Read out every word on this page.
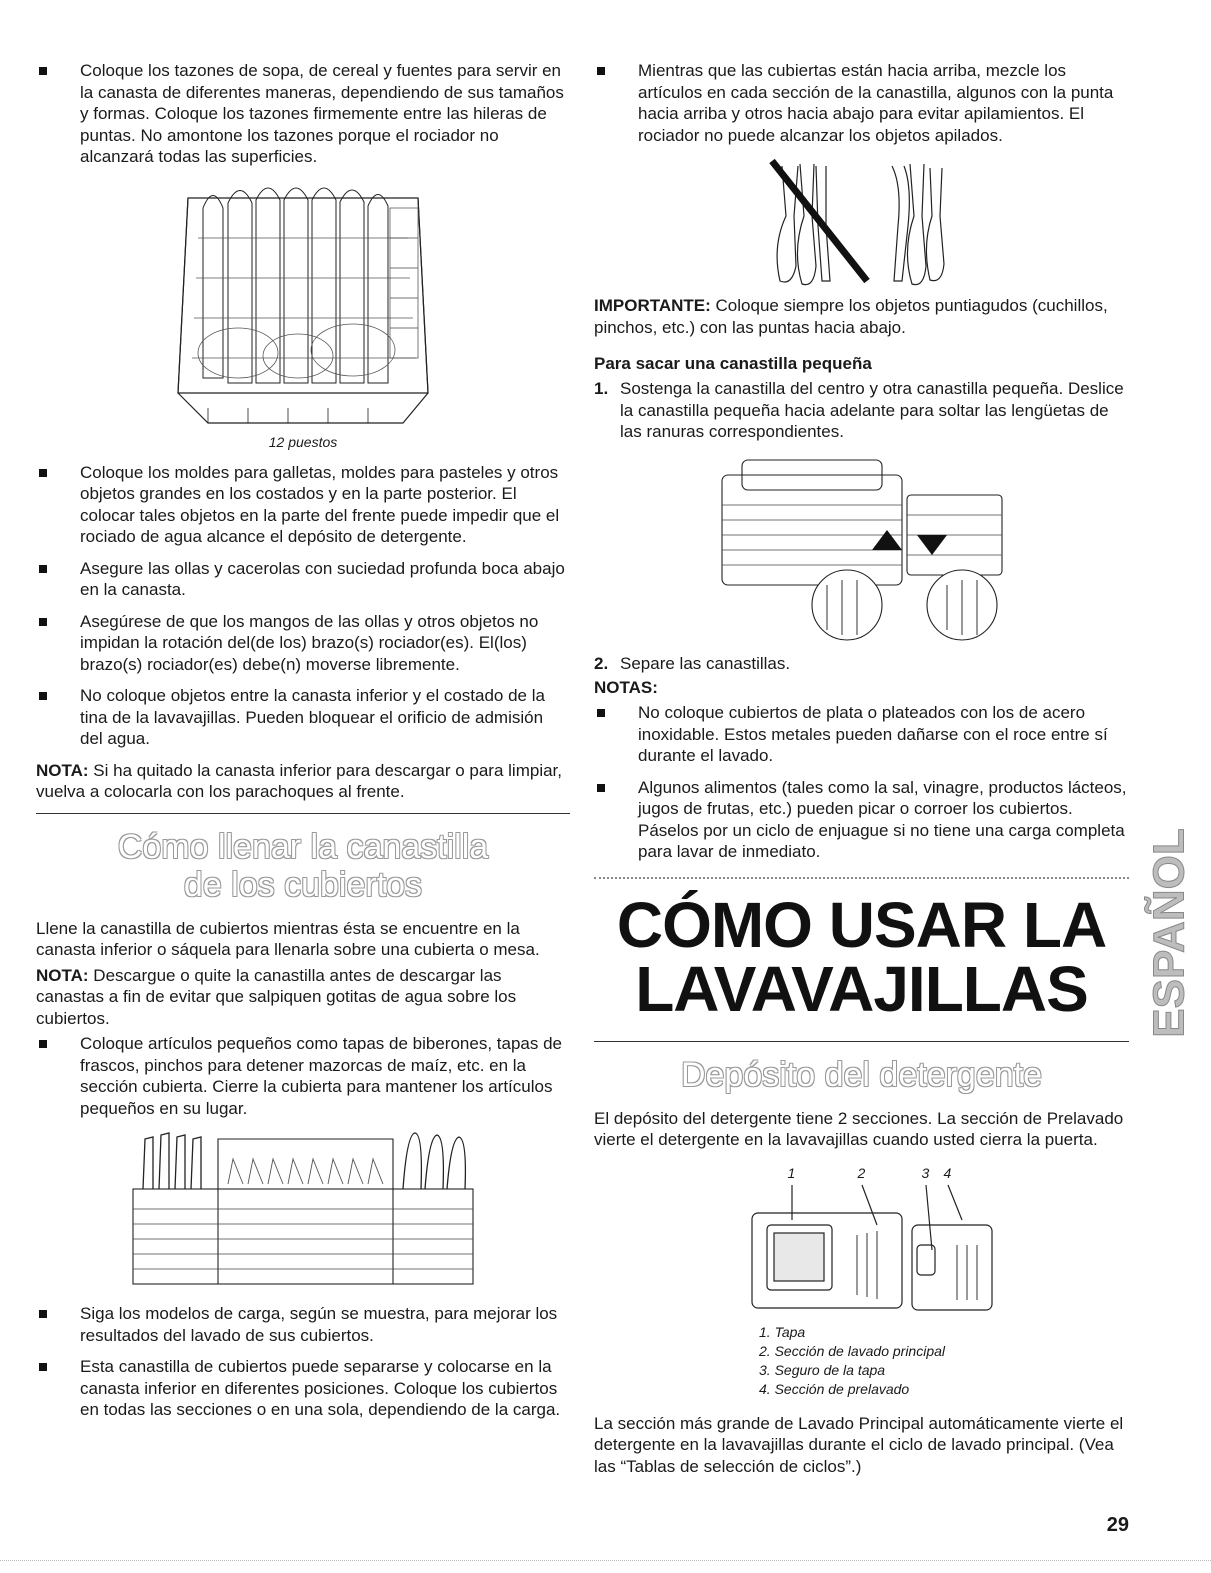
Coloque los tazones de sopa, de cereal y fuentes para servir en la canasta de diferentes maneras, dependiendo de sus tamaños y formas. Coloque los tazones firmemente entre las hileras de puntas. No amontone los tazones porque el rociador no alcanzará todas las superficies.
12 puestos
Coloque los moldes para galletas, moldes para pasteles y otros objetos grandes en los costados y en la parte posterior. El colocar tales objetos en la parte del frente puede impedir que el rociado de agua alcance el depósito de detergente.
Asegure las ollas y cacerolas con suciedad profunda boca abajo en la canasta.
Asegúrese de que los mangos de las ollas y otros objetos no impidan la rotación del(de los) brazo(s) rociador(es). El(los) brazo(s) rociador(es) debe(n) moverse libremente.
No coloque objetos entre la canasta inferior y el costado de la tina de la lavavajillas. Pueden bloquear el orificio de admisión del agua.

NOTA: Si ha quitado la canasta inferior para descargar o para limpiar, vuelva a colocarla con los parachoques al frente.

Cómo llenar la canastilla
de los cubiertos

Llene la canastilla de cubiertos mientras ésta se encuentre en la canasta inferior o sáquela para llenarla sobre una cubierta o mesa.

NOTA: Descargue o quite la canastilla antes de descargar las canastas a fin de evitar que salpiquen gotitas de agua sobre los cubiertos.

Coloque artículos pequeños como tapas de biberones, tapas de frascos, pinchos para detener mazorcas de maíz, etc. en la sección cubierta. Cierre la cubierta para mantener los artículos pequeños en su lugar.
Siga los modelos de carga, según se muestra, para mejorar los resultados del lavado de sus cubiertos.
Esta canastilla de cubiertos puede separarse y colocarse en la canasta inferior en diferentes posiciones. Coloque los cubiertos en todas las secciones o en una sola, dependiendo de la carga.
Mientras que las cubiertas están hacia arriba, mezcle los artículos en cada sección de la canastilla, algunos con la punta hacia arriba y otros hacia abajo para evitar apilamientos. El rociador no puede alcanzar los objetos apilados.

IMPORTANTE: Coloque siempre los objetos puntiagudos (cuchillos, pinchos, etc.) con las puntas hacia abajo.

Para sacar una canastilla pequeña
1. Sostenga la canastilla del centro y otra canastilla pequeña. Deslice la canastilla pequeña hacia adelante para soltar las lengüetas de las ranuras correspondientes.
2. Separe las canastillas.
NOTAS:
No coloque cubiertos de plata o plateados con los de acero inoxidable. Estos metales pueden dañarse con el roce entre sí durante el lavado.
Algunos alimentos (tales como la sal, vinagre, productos lácteos, jugos de frutas, etc.) pueden picar o corroer los cubiertos. Páselos por un ciclo de enjuague si no tiene una carga completa para lavar de inmediato.
CÓMO USAR LA
LAVAVAJILLAS
Depósito del detergente

El depósito del detergente tiene 2 secciones. La sección de Prelavado vierte el detergente en la lavavajillas cuando usted cierra la puerta.

1	2	3 4
1. Tapa
2. Sección de lavado principal
3. Seguro de la tapa
4. Sección de prelavado

La sección más grande de Lavado Principal automáticamente vierte el detergente en la lavavajillas durante el ciclo de lavado principal. (Vea las “Tablas de selección de ciclos”.)

ESPAÑOL
29
